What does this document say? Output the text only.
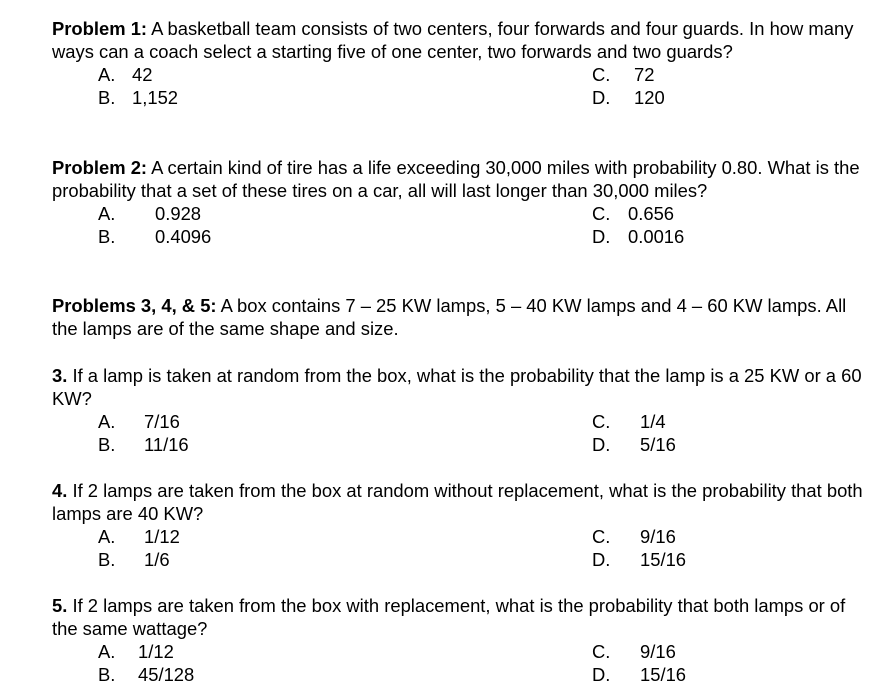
Problem 1: A basketball team consists of two centers, four forwards and four guards. In how many ways can a coach select a starting five of one center, two forwards and two guards?
A. 42
B. 1,152
C. 72
D. 120
Problem 2: A certain kind of tire has a life exceeding 30,000 miles with probability 0.80. What is the probability that a set of these tires on a car, all will last longer than 30,000 miles?
A. 0.928
B. 0.4096
C. 0.656
D. 0.0016
Problems 3, 4, & 5: A box contains 7 – 25 KW lamps, 5 – 40 KW lamps and 4 – 60 KW lamps. All the lamps are of the same shape and size.
3. If a lamp is taken at random from the box, what is the probability that the lamp is a 25 KW or a 60 KW?
A. 7/16
B. 11/16
C. 1/4
D. 5/16
4. If 2 lamps are taken from the box at random without replacement, what is the probability that both lamps are 40 KW?
A. 1/12
B. 1/6
C. 9/16
D. 15/16
5. If 2 lamps are taken from the box with replacement, what is the probability that both lamps or of the same wattage?
A. 1/12
B. 45/128
C. 9/16
D. 15/16
